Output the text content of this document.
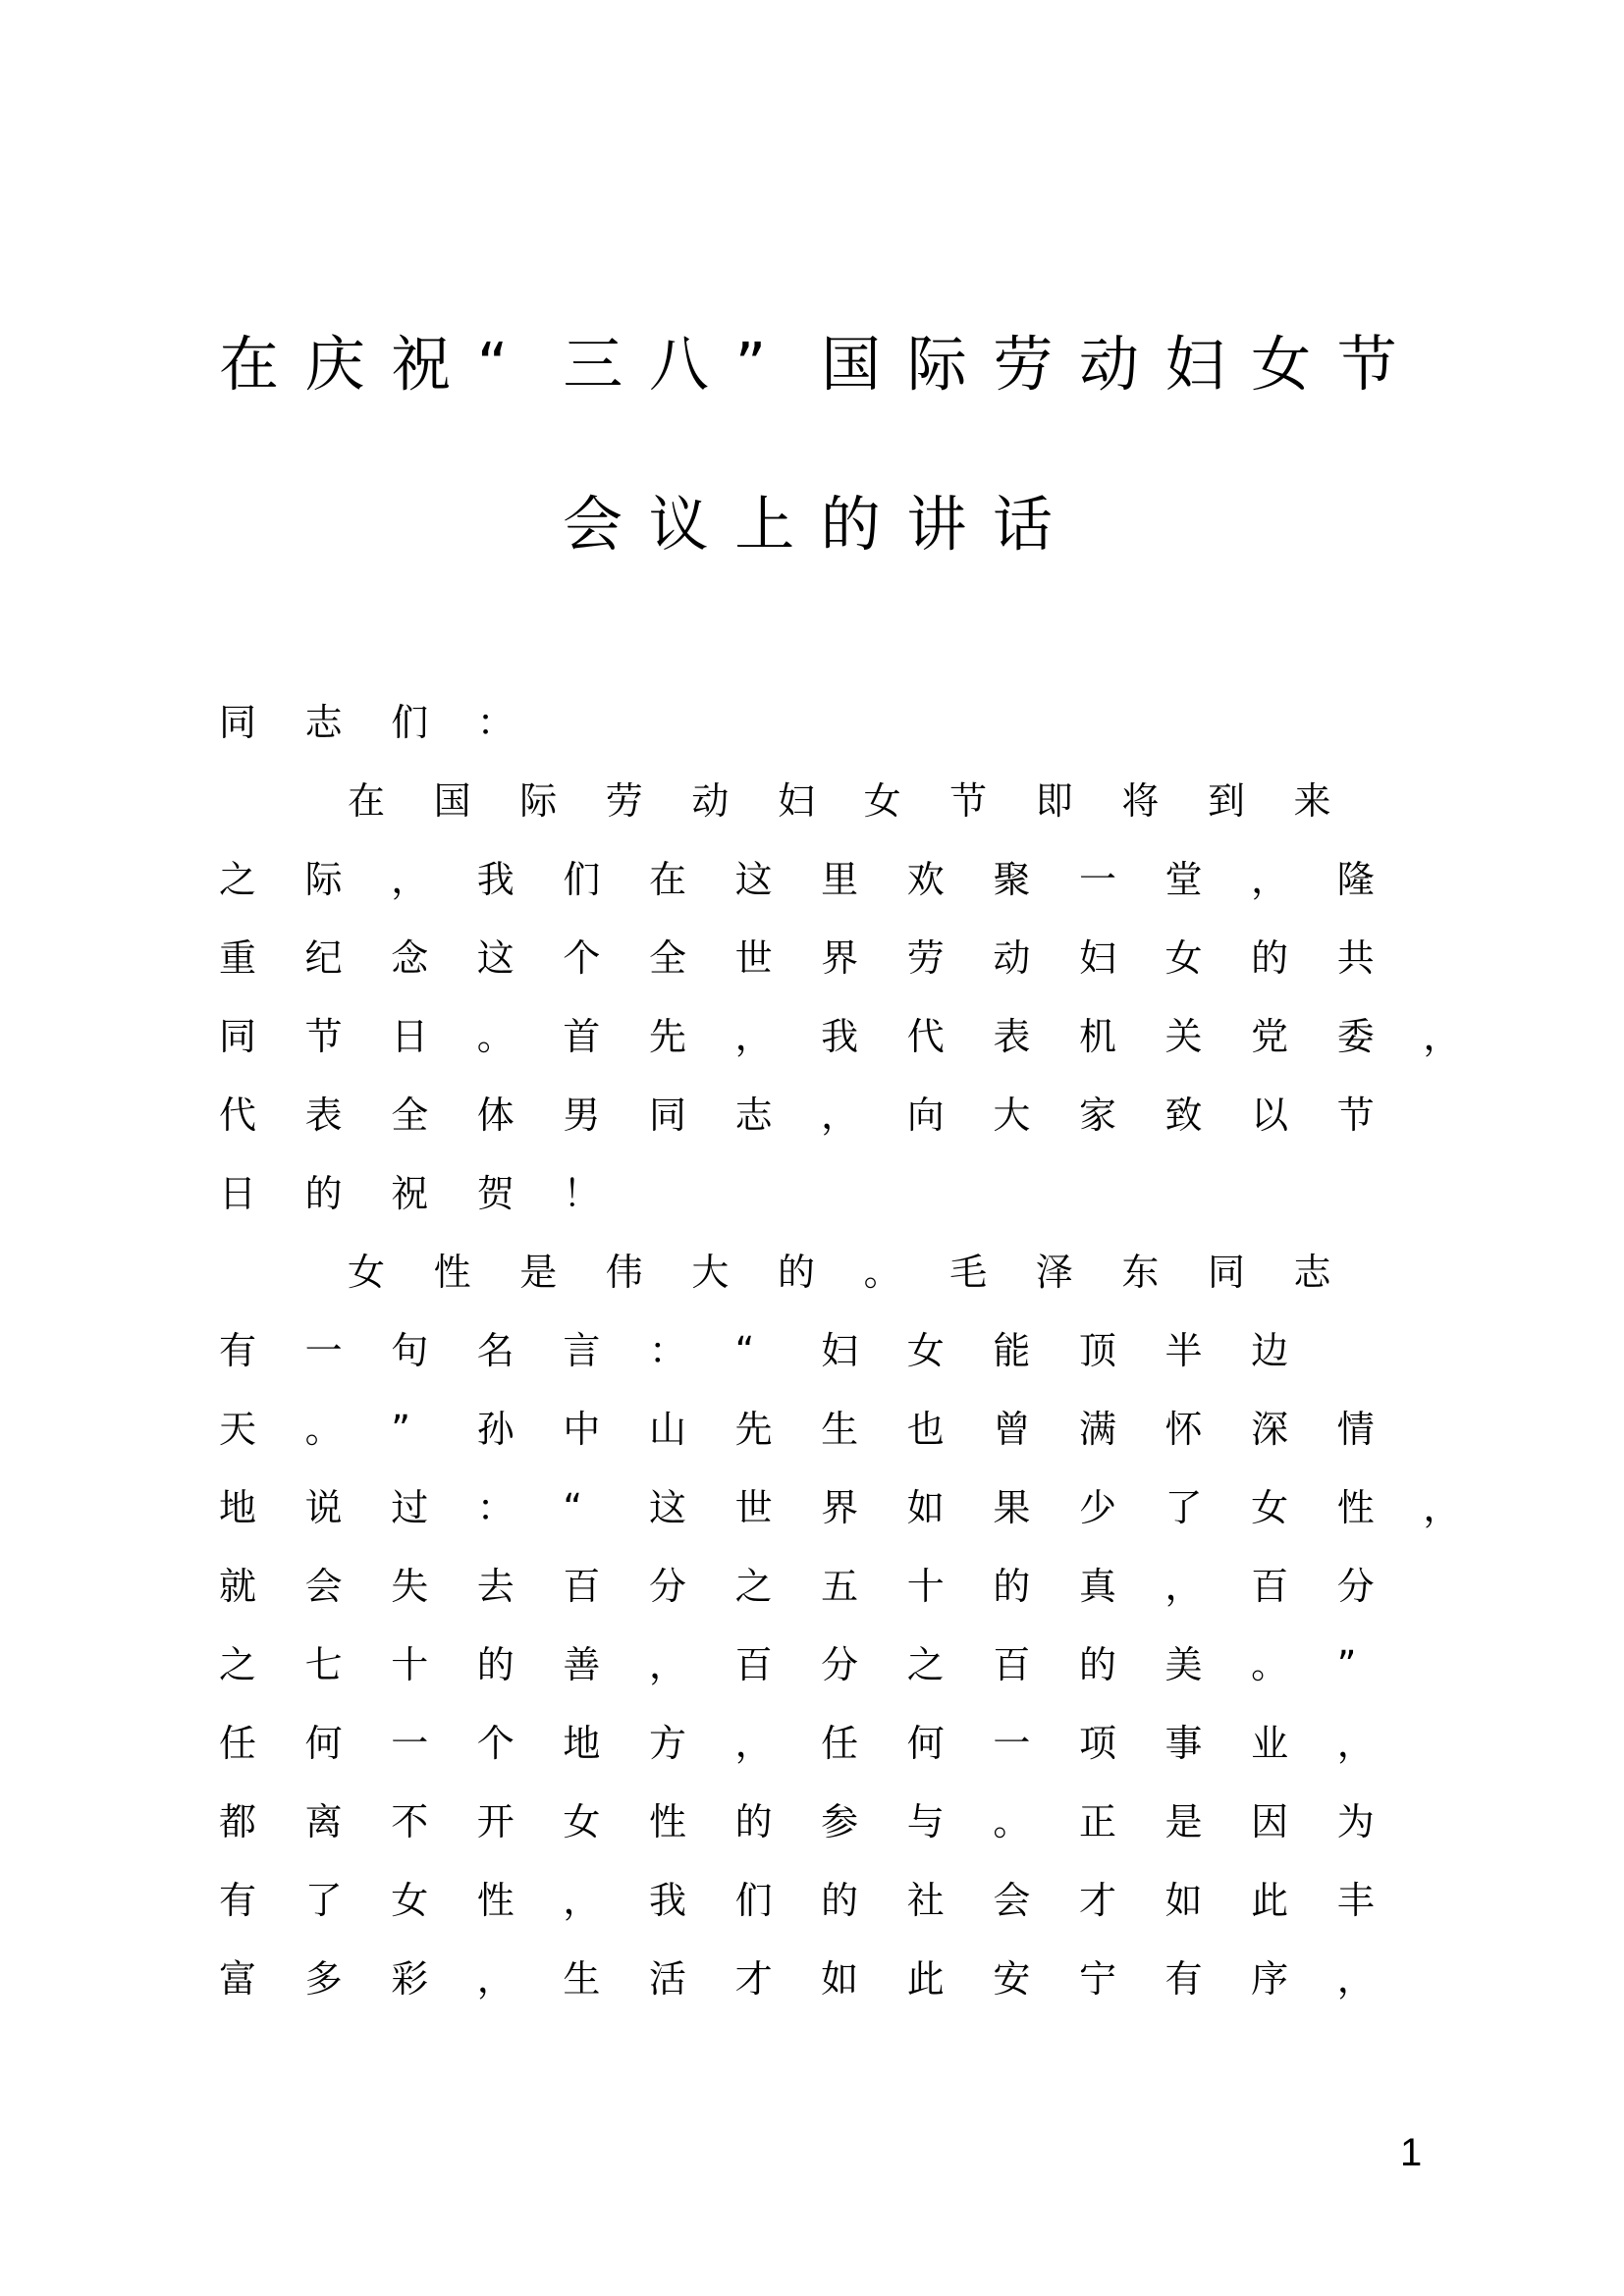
在 庆 祝 “ 三 八 ” 国 际 劳 动 妇 女 节
会 议 上 的 讲 话
同 志 们 ：
在 国 际 劳 动 妇 女 节 即 将 到 来
之 际 ， 我 们 在 这 里 欢 聚 一 堂 ， 隆
重 纪 念 这 个 全 世 界 劳 动 妇 女 的 共
同 节 日 。 首 先 ， 我 代 表 机 关 党 委 ，
代 表 全 体 男 同 志 ， 向 大 家 致 以 节
日 的 祝 贺 ！
女 性 是 伟 大 的 。 毛 泽 东 同 志
有 一 句 名 言 ： “ 妇 女 能 顶 半 边
天 。 ” 孙 中 山 先 生 也 曾 满 怀 深 情
地 说 过 ： “ 这 世 界 如 果 少 了 女 性 ，
就 会 失 去 百 分 之 五 十 的 真 ， 百 分
之 七 十 的 善 ， 百 分 之 百 的 美 。 ”
任 何 一 个 地 方 ， 任 何 一 项 事 业 ，
都 离 不 开 女 性 的 参 与 。 正 是 因 为
有 了 女 性 ， 我 们 的 社 会 才 如 此 丰
富 多 彩 ， 生 活 才 如 此 安 宁 有 序 ，
1
